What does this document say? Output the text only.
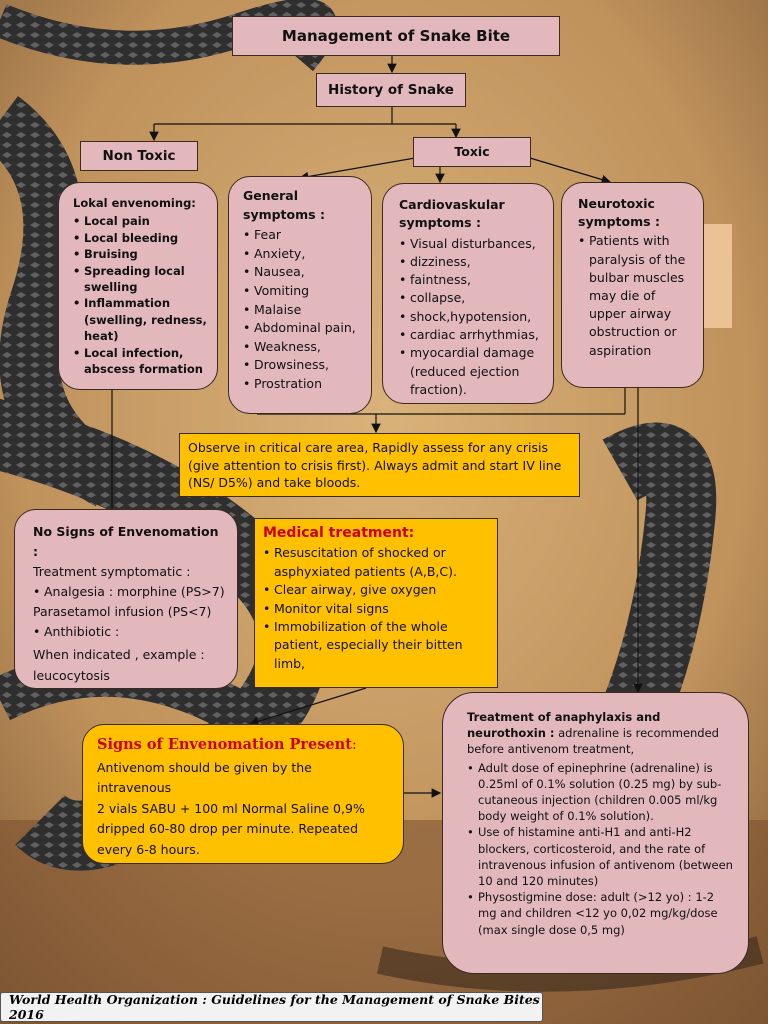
Management of Snake Bite
History of Snake
Non Toxic	Toxic
Lokal envenoming:
• Local pain
• Local bleeding
• Bruising
• Spreading local swelling
• Inflammation (swelling, redness, heat)
• Local infection, abscess formation
General symptoms :
• Fear
• Anxiety,
• Nausea,
• Vomiting
• Malaise
• Abdominal pain,
• Weakness,
• Drowsiness,
• Prostration
Cardiovaskular symptoms :
• Visual disturbances,
• dizziness,
• faintness,
• collapse,
• shock,hypotension,
• cardiac arrhythmias,
• myocardial damage (reduced ejection fraction).
Neurotoxic symptoms :
• Patients with paralysis of the bulbar muscles may die of upper airway obstruction or aspiration
Observe in critical care area, Rapidly assess for any crisis (give attention to crisis first). Always admit and start IV line (NS/ D5%) and take bloods.
No Signs of Envenomation :
Treatment symptomatic :
• Analgesia : morphine (PS>7)
Parasetamol infusion (PS<7)
• Anthibiotic :
When indicated , example : leucocytosis
Medical treatment:
• Resuscitation of shocked or asphyxiated patients (A,B,C).
• Clear airway, give oxygen
• Monitor vital signs
• Immobilization of the whole patient, especially their bitten limb,
Signs of Envenomation Present:
Antivenom should be given by the intravenous
2 vials SABU + 100 ml Normal Saline 0,9% dripped 60-80 drop per minute. Repeated every 6-8 hours.
Treatment of anaphylaxis and neurothoxin : adrenaline is recommended before antivenom treatment,
• Adult dose of epinephrine (adrenaline) is 0.25ml of 0.1% solution (0.25 mg) by sub-cutaneous injection (children 0.005 ml/kg body weight of 0.1% solution).
• Use of histamine anti-H1 and anti-H2 blockers, corticosteroid, and the rate of intravenous infusion of antivenom (between 10 and 120 minutes)
• Physostigmine dose: adult (>12 yo) : 1-2 mg and children <12 yo 0,02 mg/kg/dose (max single dose 0,5 mg)
World Health Organization : Guidelines for the Management of Snake Bites 2016
